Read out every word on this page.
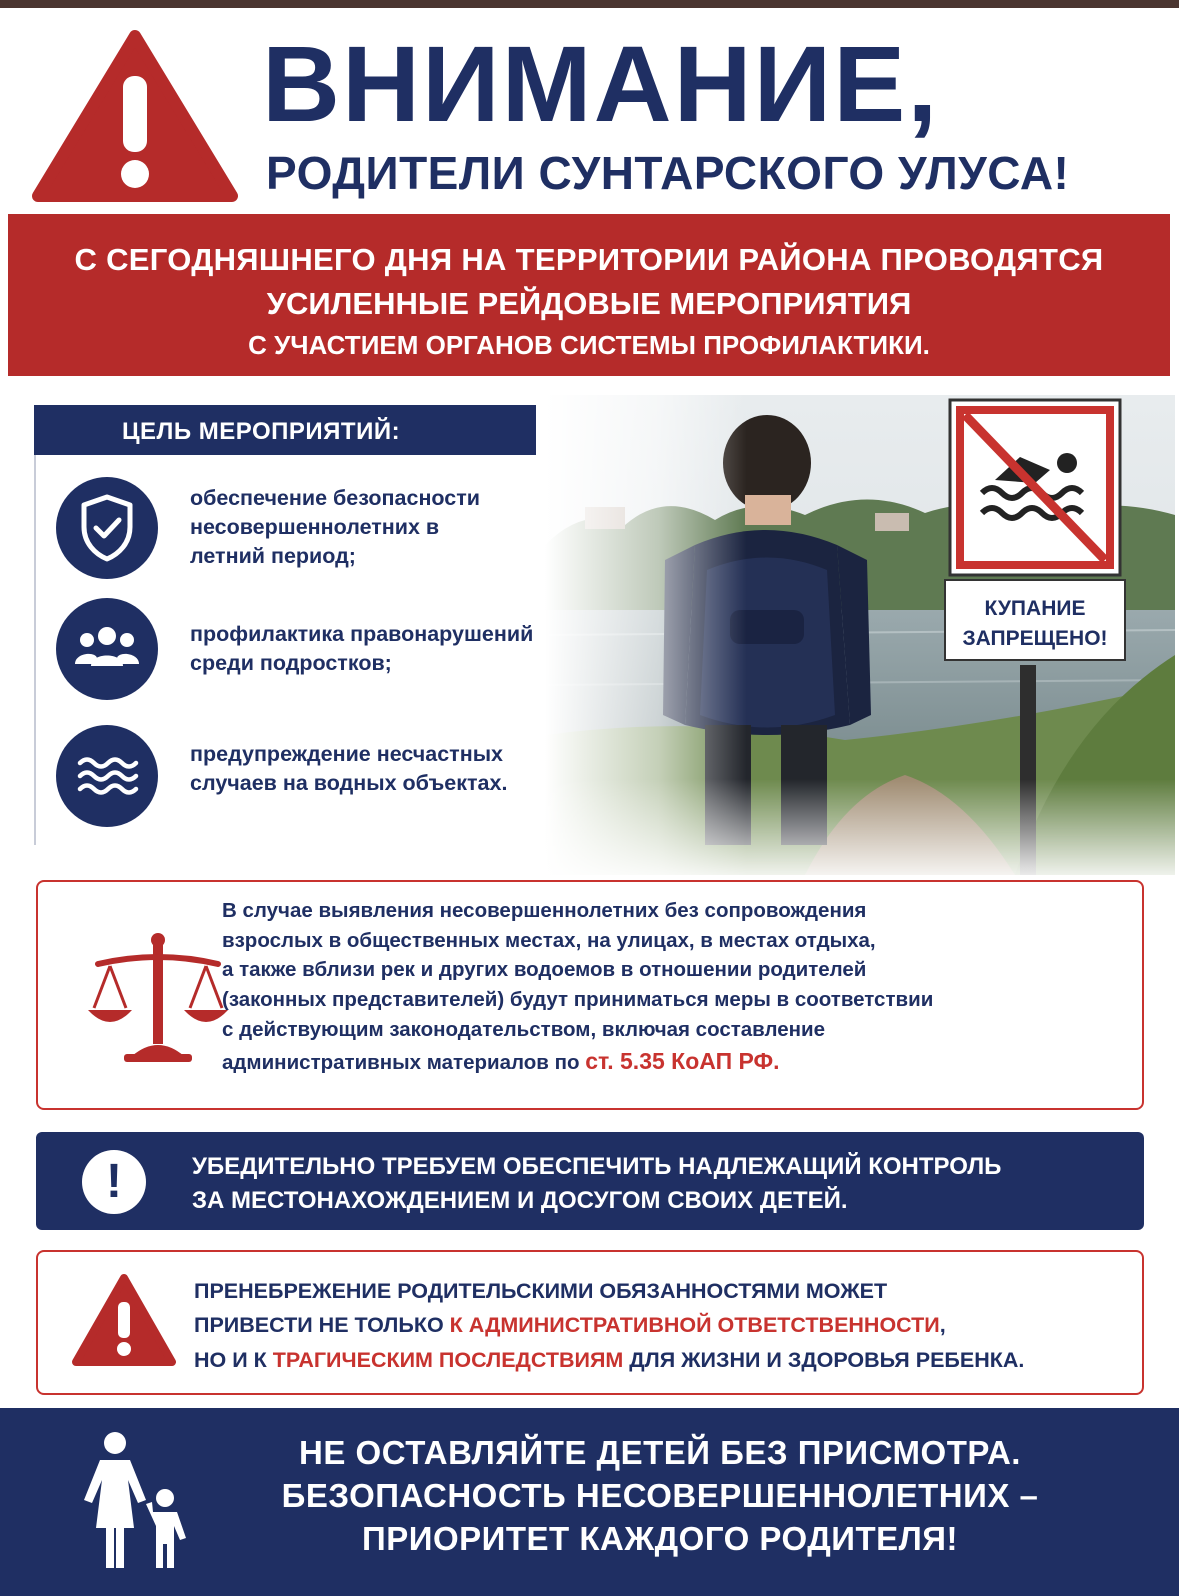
ВНИМАНИЕ,
РОДИТЕЛИ СУНТАРСКОГО УЛУСА!
С СЕГОДНЯШНЕГО ДНЯ НА ТЕРРИТОРИИ РАЙОНА ПРОВОДЯТСЯ
УСИЛЕННЫЕ РЕЙДОВЫЕ МЕРОПРИЯТИЯ
С УЧАСТИЕМ ОРГАНОВ СИСТЕМЫ ПРОФИЛАКТИКИ.
ЦЕЛЬ МЕРОПРИЯТИЙ:
обеспечение безопасности
несовершеннолетних в
летний период;
профилактика правонарушений
среди подростков;
предупреждение несчастных
случаев на водных объектах.
В случае выявления несовершеннолетних без сопровождения
взрослых в общественных местах, на улицах, в местах отдыха,
а также вблизи рек и других водоемов в отношении родителей
(законных представителей) будут приниматься меры в соответствии
с действующим законодательством, включая составление
административных материалов по ст. 5.35 КоАП РФ.
!	УБЕДИТЕЛЬНО ТРЕБУЕМ ОБЕСПЕЧИТЬ НАДЛЕЖАЩИЙ КОНТРОЛЬ
ЗА МЕСТОНАХОЖДЕНИЕМ И ДОСУГОМ СВОИХ ДЕТЕЙ.
ПРЕНЕБРЕЖЕНИЕ РОДИТЕЛЬСКИМИ ОБЯЗАННОСТЯМИ МОЖЕТ
ПРИВЕСТИ НЕ ТОЛЬКО К АДМИНИСТРАТИВНОЙ ОТВЕТСТВЕННОСТИ,
НО И К ТРАГИЧЕСКИМ ПОСЛЕДСТВИЯМ ДЛЯ ЖИЗНИ И ЗДОРОВЬЯ РЕБЕНКА.
НЕ ОСТАВЛЯЙТЕ ДЕТЕЙ БЕЗ ПРИСМОТРА.
БЕЗОПАСНОСТЬ НЕСОВЕРШЕННОЛЕТНИХ –
ПРИОРИТЕТ КАЖДОГО РОДИТЕЛЯ!
